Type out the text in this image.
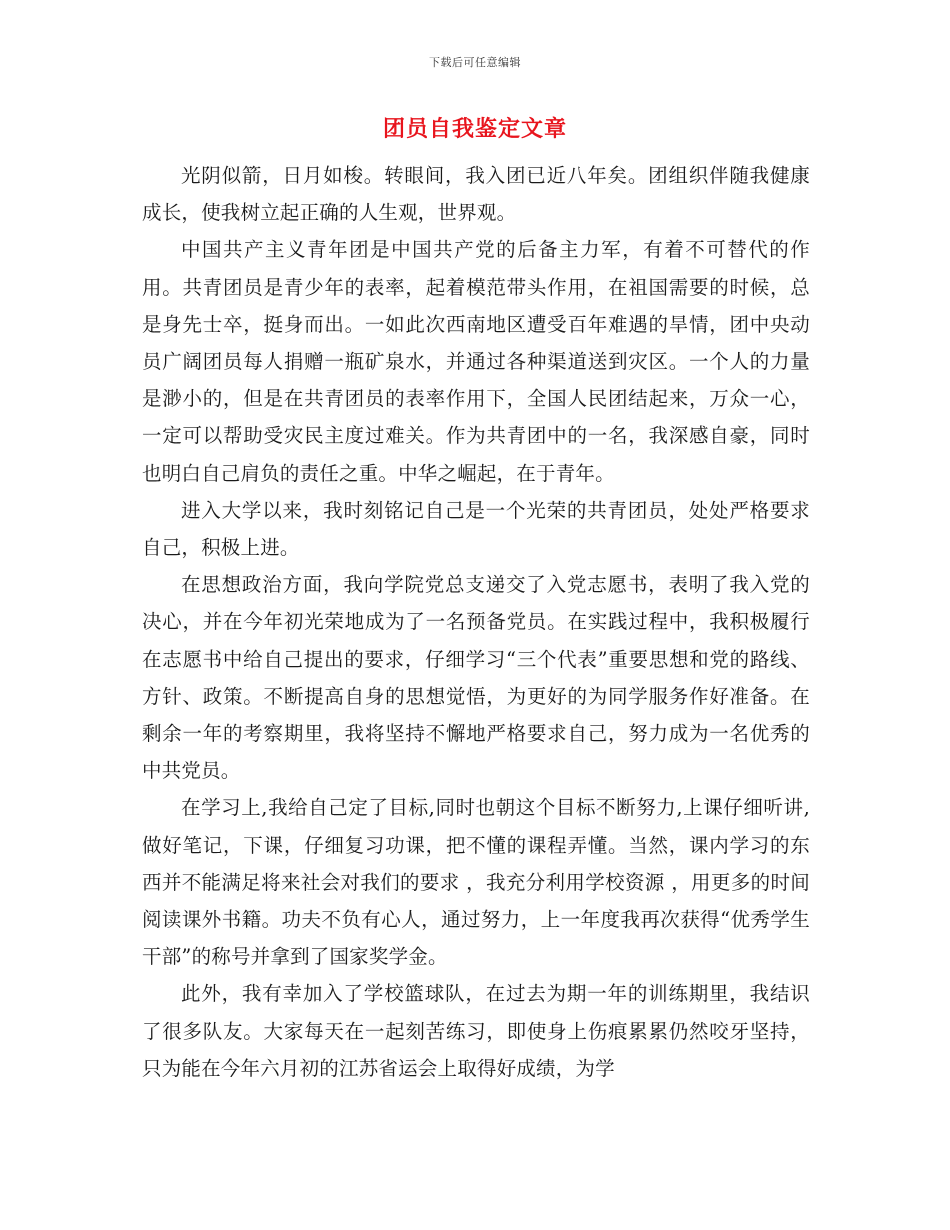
下载后可任意编辑
团员自我鉴定文章

光阴似箭，日月如梭。转眼间，我入团已近八年矣。团组织伴随我健康成长，使我树立起正确的人生观，世界观。

中国共产主义青年团是中国共产党的后备主力军，有着不可替代的作用。共青团员是青少年的表率，起着模范带头作用，在祖国需要的时候，总是身先士卒，挺身而出。一如此次西南地区遭受百年难遇的旱情，团中央动员广阔团员每人捐赠一瓶矿泉水，并通过各种渠道送到灾区。一个人的力量是渺小的，但是在共青团员的表率作用下，全国人民团结起来，万众一心，一定可以帮助受灾民主度过难关。作为共青团中的一名，我深感自豪，同时也明白自己肩负的责任之重。中华之崛起，在于青年。

进入大学以来，我时刻铭记自己是一个光荣的共青团员，处处严格要求自己，积极上进。

在思想政治方面，我向学院党总支递交了入党志愿书，表明了我入党的决心，并在今年初光荣地成为了一名预备党员。在实践过程中，我积极履行在志愿书中给自己提出的要求，仔细学习“三个代表”重要思想和党的路线、方针、政策。不断提高自身的思想觉悟，为更好的为同学服务作好准备。在剩余一年的考察期里，我将坚持不懈地严格要求自己，努力成为一名优秀的中共党员。

在学习上,我给自己定了目标,同时也朝这个目标不断努力,上课仔细听讲,做好笔记，下课，仔细复习功课，把不懂的课程弄懂。当然，课内学习的东西并不能满足将来社会对我们的要求 ，我充分利用学校资源 ，用更多的时间阅读课外书籍。功夫不负有心人，通过努力，上一年度我再次获得“优秀学生干部”的称号并拿到了国家奖学金。

此外，我有幸加入了学校篮球队，在过去为期一年的训练期里，我结识了很多队友。大家每天在一起刻苦练习，即使身上伤痕累累仍然咬牙坚持，只为能在今年六月初的江苏省运会上取得好成绩，为学
